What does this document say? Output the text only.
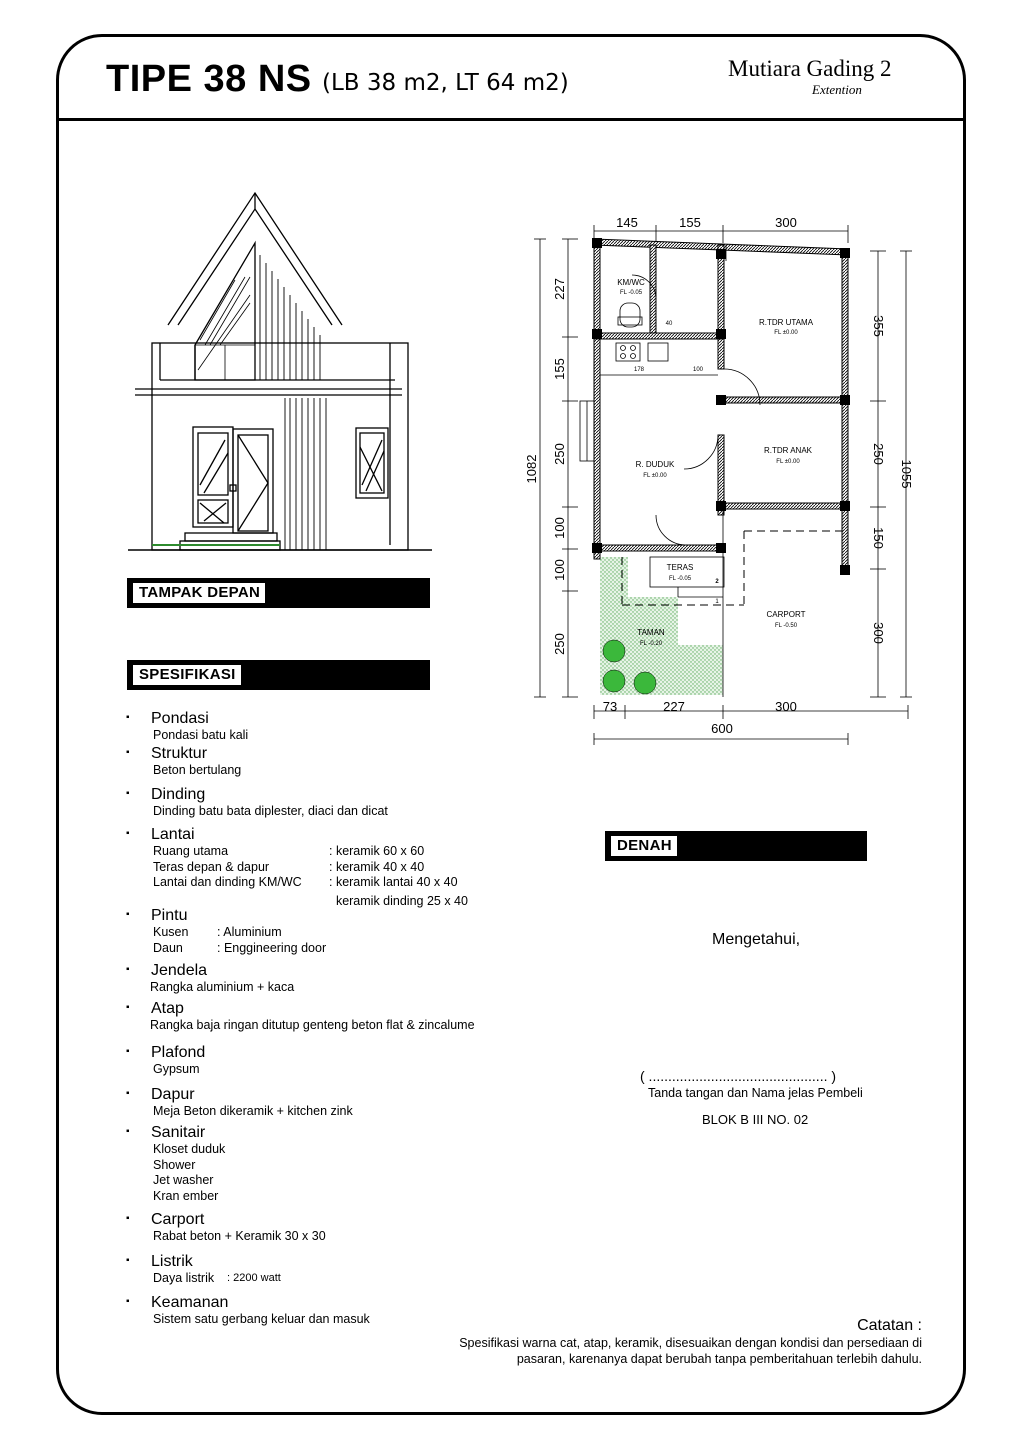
TIPE 38 NS (LB 38 m2, LT 64 m2)
Mutiara Gading 2
Extention
TAMPAK DEPAN
SPESIFIKASI
DENAH
▪ Pondasi
Pondasi batu kali
▪ Struktur
Beton bertulang
▪ Dinding
Dinding batu bata diplester, diaci dan dicat
▪ Lantai
Ruang utama	: keramik 60 x 60
Teras depan & dapur	: keramik 40 x 40
Lantai dan dinding KM/WC	: keramik lantai 40 x 40
keramik dinding 25 x 40
▪ Pintu
Kusen	: Aluminium
Daun	: Enggineering door
▪ Jendela
Rangka aluminium + kaca
▪ Atap
Rangka baja ringan ditutup genteng beton flat & zincalume
▪ Plafond
Gypsum
▪ Dapur
Meja Beton dikeramik + kitchen zink
▪ Sanitair
Kloset duduk
Shower
Jet washer
Kran ember
▪ Carport
Rabat beton + Keramik 30 x 30
▪ Listrik
Daya listrik	: 2200 watt
▪ Keamanan
Sistem satu gerbang keluar dan masuk
145	155	300
73	227	300
600
227
155
250
100
100
250
1082
355
250
150
300
1055
40
178	100
2
1
KM/WC
FL -0.05
R.TDR UTAMA
FL ±0.00
R. DUDUK
FL ±0.00
R.TDR ANAK
FL ±0.00
TERAS
FL -0.05
CARPORT
FL -0.50
TAMAN
FL -0.20
Mengetahui,
( .............................................. )
Tanda tangan dan Nama jelas Pembeli
BLOK B III NO. 02
Catatan :
Spesifikasi warna cat, atap, keramik, disesuaikan dengan kondisi dan persediaan di
pasaran, karenanya dapat berubah tanpa pemberitahuan terlebih dahulu.
